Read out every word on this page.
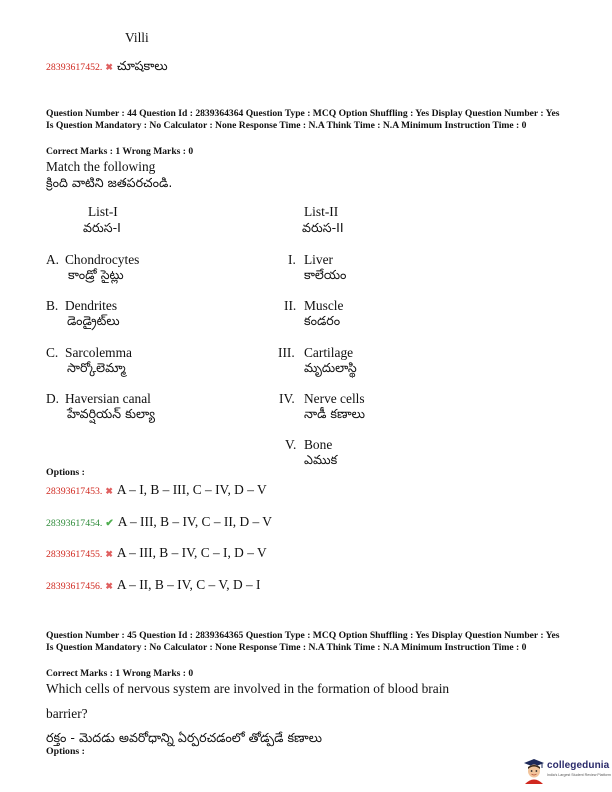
Villi
28393617452. ✖ చూషకాలు
Question Number : 44 Question Id : 2839364364 Question Type : MCQ Option Shuffling : Yes Display Question Number : Yes Is Question Mandatory : No Calculator : None Response Time : N.A Think Time : N.A Minimum Instruction Time : 0
Correct Marks : 1 Wrong Marks : 0
Match the following
క్రింది వాటిని జతపరచండి.
List-I
వరుస-I
List-II
వరుస-II
A. Chondrocytes
కాండ్రో సైట్లు
B. Dendrites
డెండ్రైట్‌లు
C. Sarcolemma
సార్కోలెమ్మా
D. Haversian canal
హేవర్షియన్ కుల్యా
I. Liver
కాలేయం
II. Muscle
కండరం
III. Cartilage
మృదులాస్థి
IV. Nerve cells
నాడీ కణాలు
V. Bone
ఎముక
Options :
28393617453. ✖ A – I, B – III, C – IV, D – V
28393617454. ✔ A – III, B – IV, C – II, D – V
28393617455. ✖ A – III, B – IV, C – I, D – V
28393617456. ✖ A – II, B – IV, C – V, D – I
Question Number : 45 Question Id : 2839364365 Question Type : MCQ Option Shuffling : Yes Display Question Number : Yes Is Question Mandatory : No Calculator : None Response Time : N.A Think Time : N.A Minimum Instruction Time : 0
Correct Marks : 1 Wrong Marks : 0
Which cells of nervous system are involved in the formation of blood brain
barrier?
రక్తం - మెదడు అవరోధాన్ని ఏర్పరచడంలో తోడ్పడే కణాలు
Options :
collegedunia
India's Largest Student Review Platform
